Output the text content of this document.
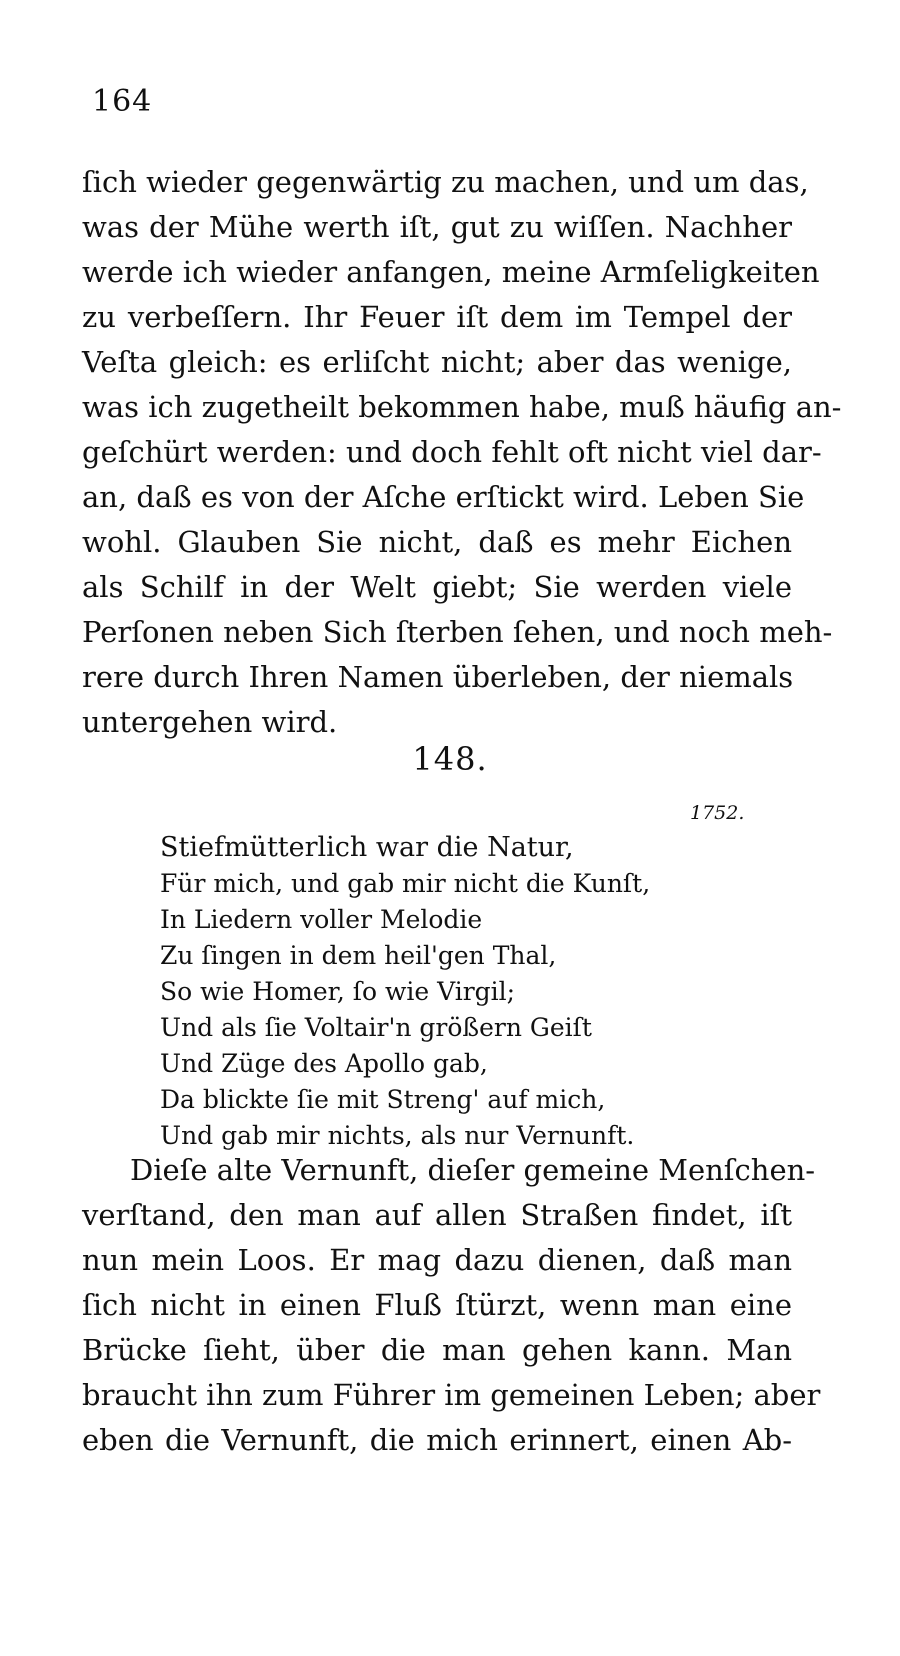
164
ſich wieder gegenwärtig zu machen, und um das,
was der Mühe werth iſt, gut zu wiſſen. Nachher
werde ich wieder anfangen, meine Armſeligkeiten
zu verbeſſern. Ihr Feuer iſt dem im Tempel der
Veſta gleich: es erliſcht nicht; aber das wenige,
was ich zugetheilt bekommen habe, muß häufig an-
geſchürt werden: und doch fehlt oft nicht viel dar-
an, daß es von der Aſche erſtickt wird. Leben Sie
wohl. Glauben Sie nicht, daß es mehr Eichen
als Schilf in der Welt giebt; Sie werden viele
Perſonen neben Sich ſterben ſehen, und noch meh-
rere durch Ihren Namen überleben, der niemals
untergehen wird.
148.
1752.
Stiefmütterlich war die Natur,
Für mich, und gab mir nicht die Kunſt,
In Liedern voller Melodie
Zu ſingen in dem heil'gen Thal,
So wie Homer, ſo wie Virgil;
Und als ſie Voltair'n größern Geiſt
Und Züge des Apollo gab,
Da blickte ſie mit Streng' auf mich,
Und gab mir nichts, als nur Vernunft.
Dieſe alte Vernunft, dieſer gemeine Menſchen-
verſtand, den man auf allen Straßen findet, iſt
nun mein Loos. Er mag dazu dienen, daß man
ſich nicht in einen Fluß ſtürzt, wenn man eine
Brücke ſieht, über die man gehen kann. Man
braucht ihn zum Führer im gemeinen Leben; aber
eben die Vernunft, die mich erinnert, einen Ab-
